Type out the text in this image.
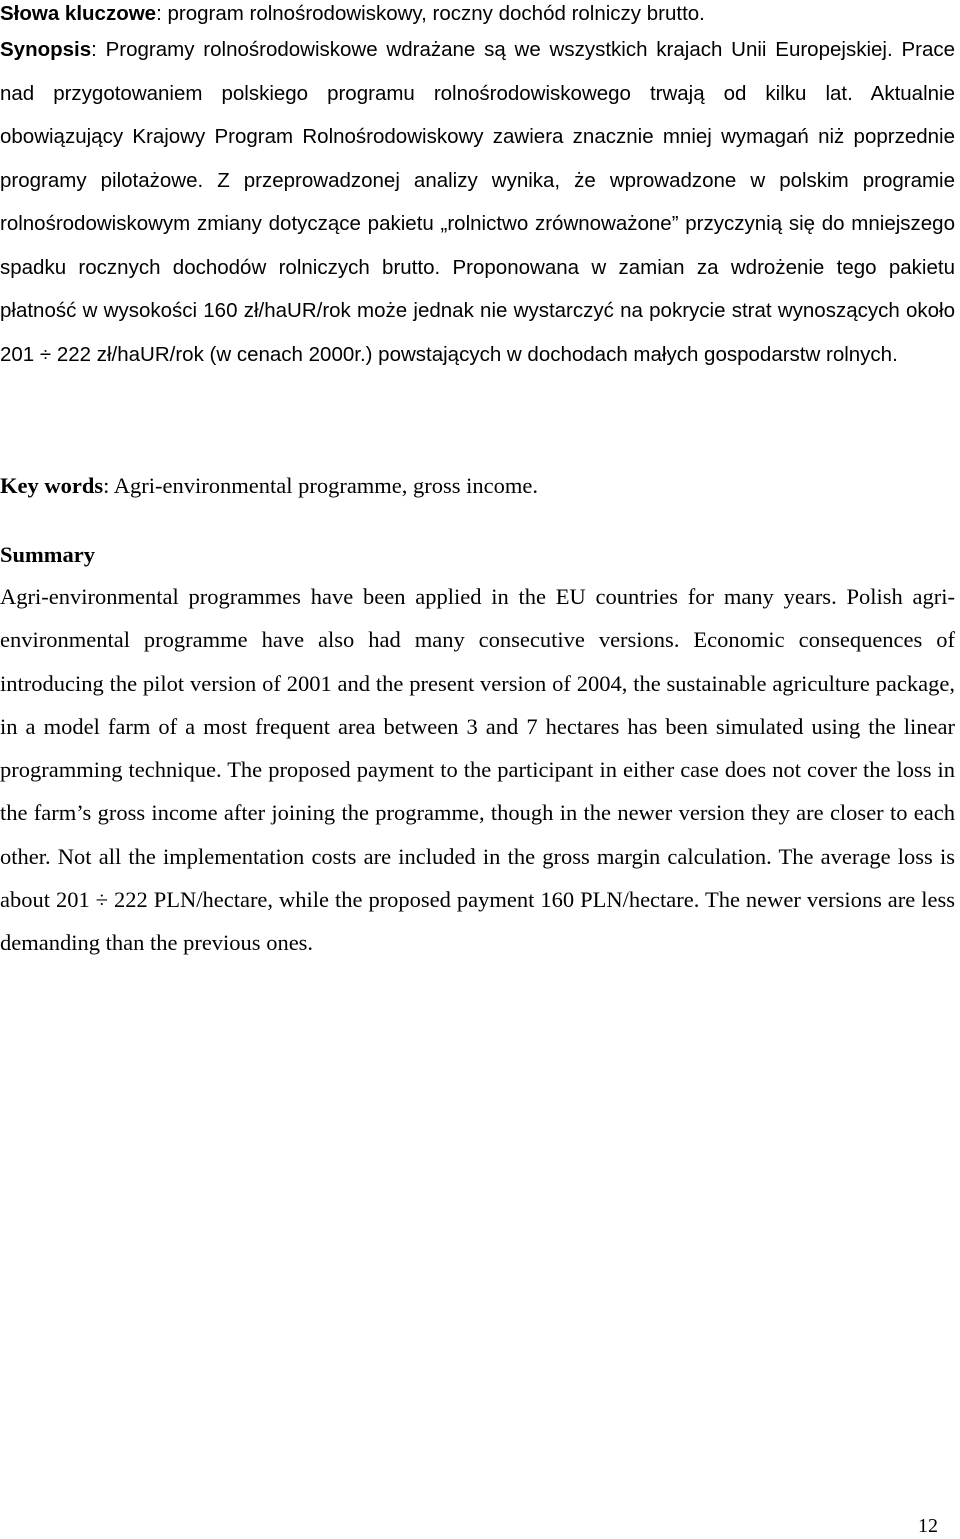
Słowa kluczowe: program rolnośrodowiskowy, roczny dochód rolniczy brutto.

Synopsis: Programy rolnośrodowiskowe wdrażane są we wszystkich krajach Unii Europejskiej. Prace nad przygotowaniem polskiego programu rolnośrodowiskowego trwają od kilku lat. Aktualnie obowiązujący Krajowy Program Rolnośrodowiskowy zawiera znacznie mniej wymagań niż poprzednie programy pilotażowe. Z przeprowadzonej analizy wynika, że wprowadzone w polskim programie rolnośrodowiskowym zmiany dotyczące pakietu „rolnictwo zrównoważone” przyczynią się do mniejszego spadku rocznych dochodów rolniczych brutto. Proponowana w zamian za wdrożenie tego pakietu płatność w wysokości 160 zł/haUR/rok może jednak nie wystarczyć na pokrycie strat wynoszących około 201 ÷ 222 zł/haUR/rok (w cenach 2000r.) powstających w dochodach małych gospodarstw rolnych.

Key words: Agri-environmental programme, gross income.

Summary

Agri-environmental programmes have been applied in the EU countries for many years. Polish agri-environmental programme have also had many consecutive versions. Economic consequences of introducing the pilot version of 2001 and the present version of 2004, the sustainable agriculture package, in a model farm of a most frequent area between 3 and 7 hectares has been simulated using the linear programming technique. The proposed payment to the participant in either case does not cover the loss in the farm’s gross income after joining the programme, though in the newer version they are closer to each other. Not all the implementation costs are included in the gross margin calculation. The average loss is about 201 ÷ 222 PLN/hectare, while the proposed payment 160 PLN/hectare. The newer versions are less demanding than the previous ones.

12
